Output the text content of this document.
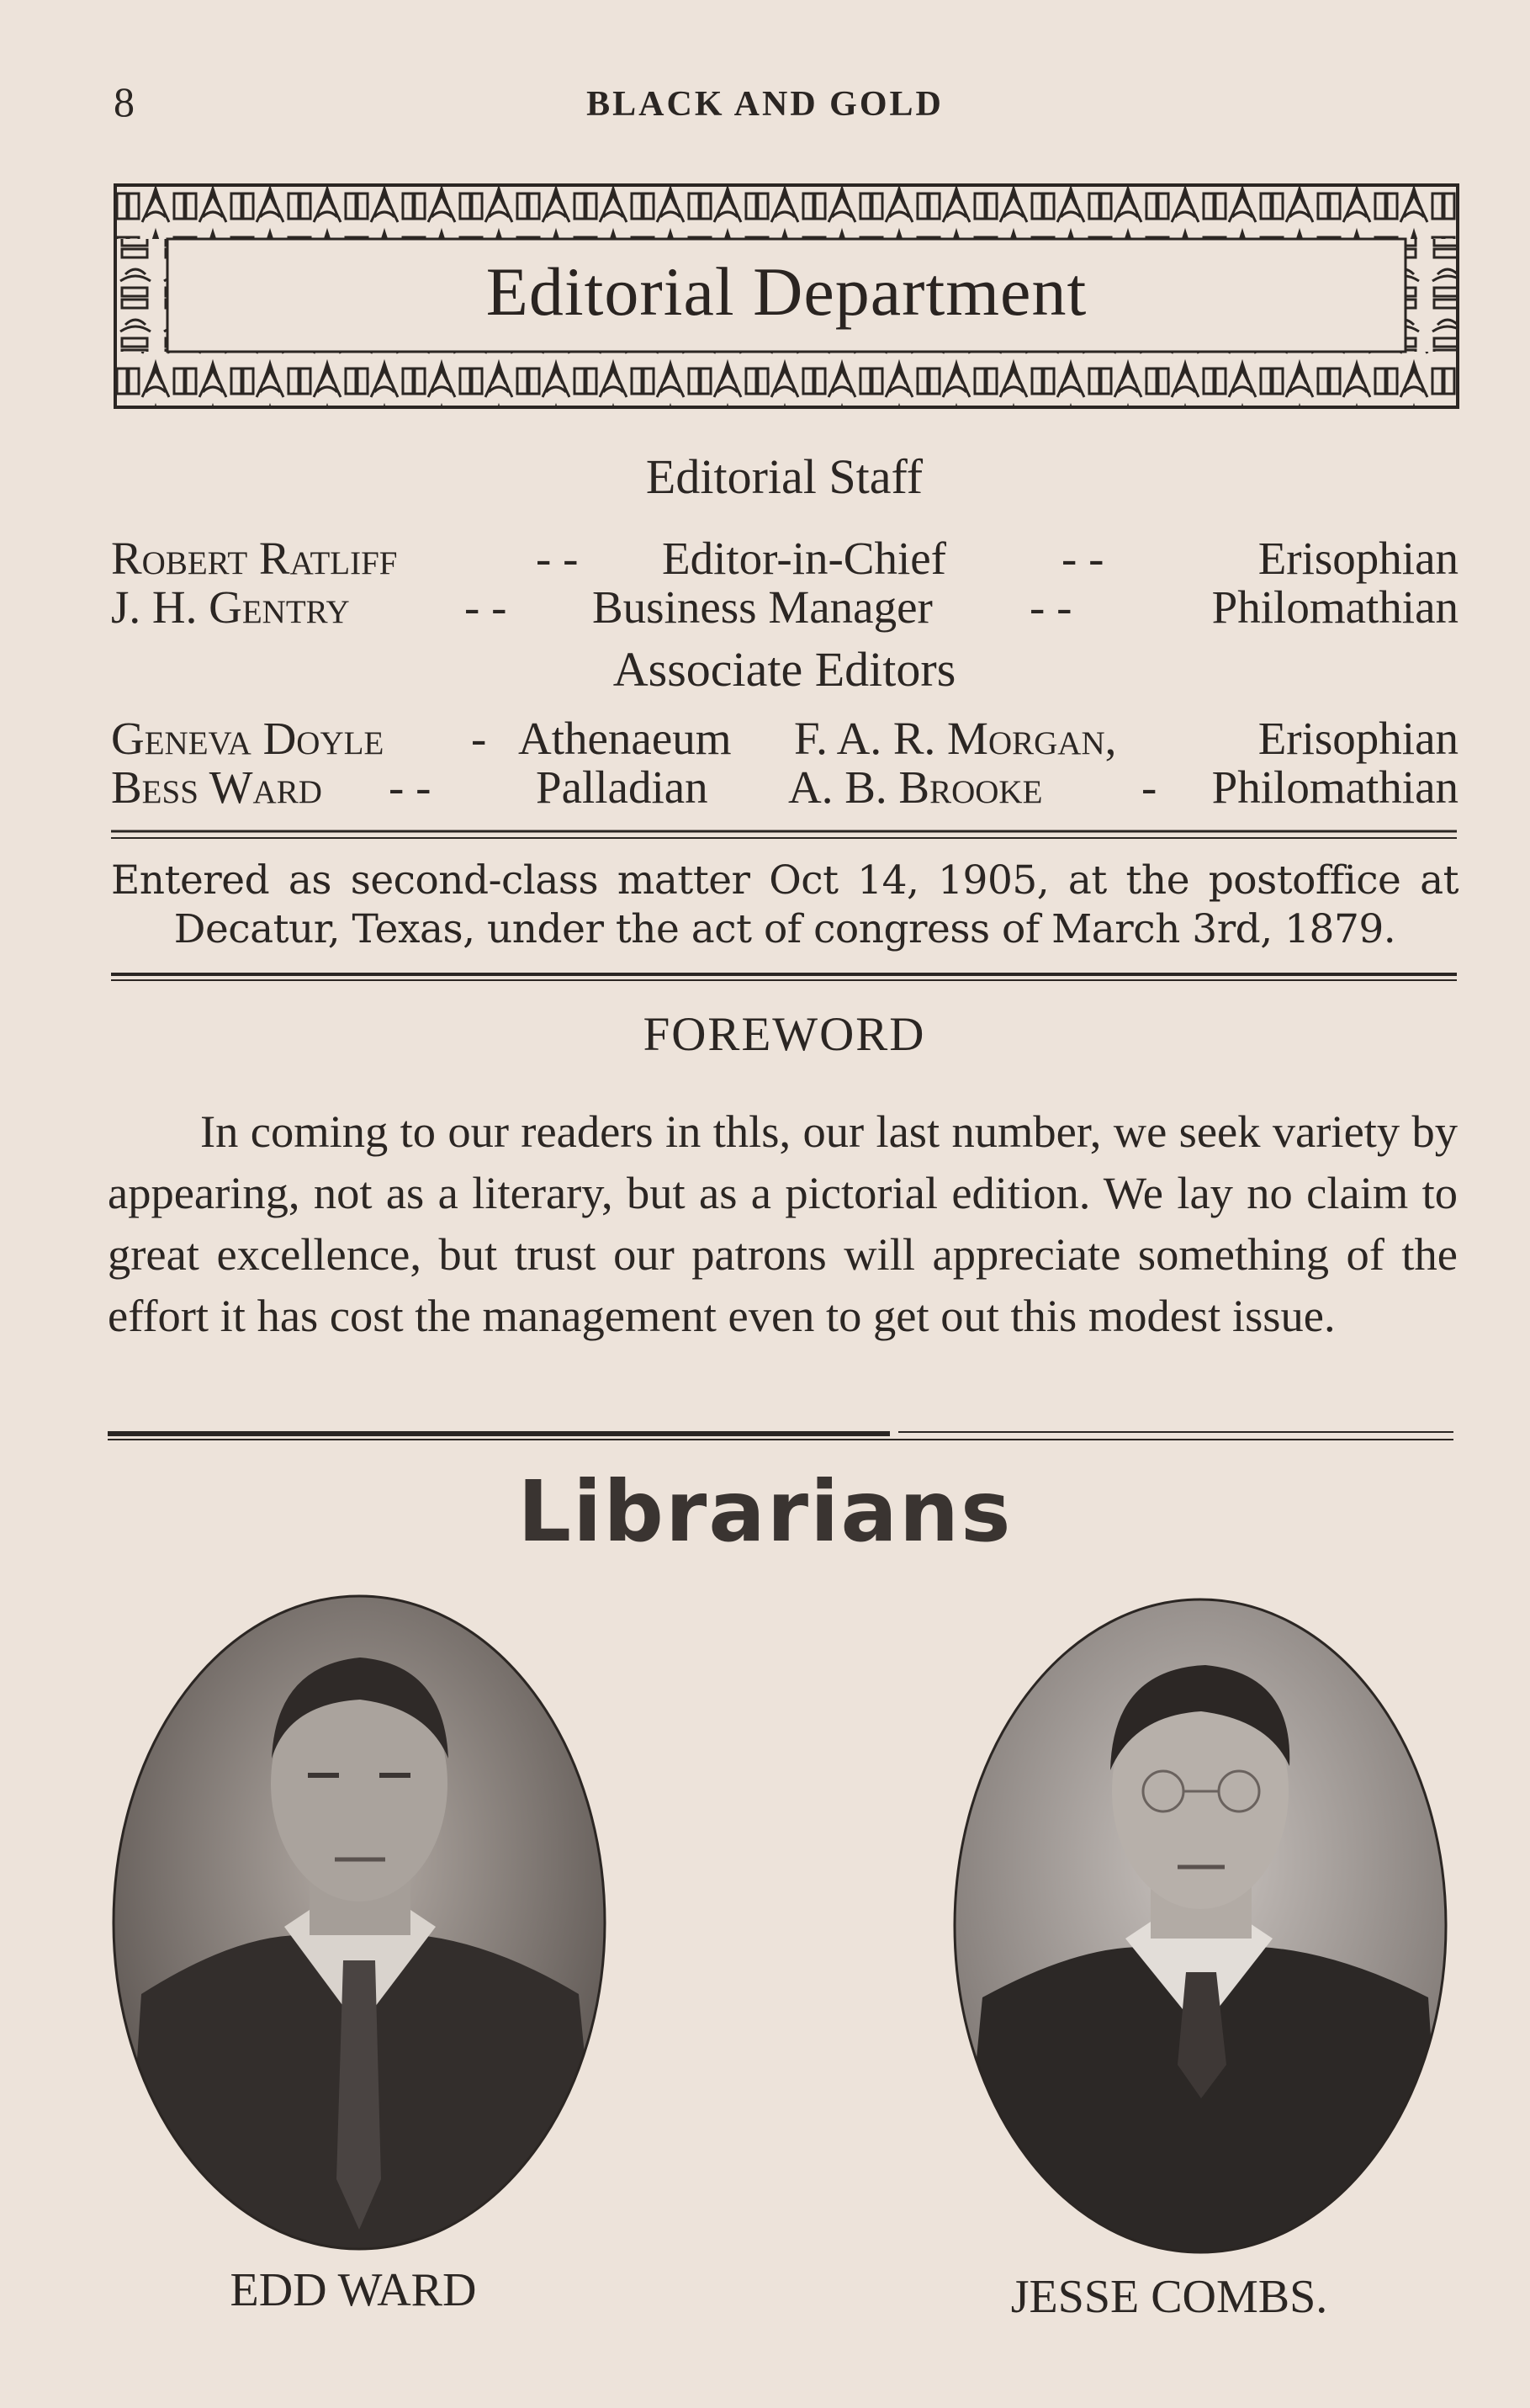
8	BLACK AND GOLD
Editorial Department
Editorial Staff
Robert Ratliff	- - Editor-in-Chief - -	Erisophian
J. H. Gentry - - Business Manager - -	Philomathian
Associate Editors
Geneva Doyle - Athenaeum F. A. R. Morgan,	Erisophian
Bess Ward - - Palladian A. B. Brooke - Philomathian
Entered as second-class matter Oct 14, 1905, at the postoffice at Decatur, Texas, under the act of congress of March 3rd, 1879.
FOREWORD
In coming to our readers in thls, our last number, we seek variety by appearing, not as a literary, but as a pictorial edition. We lay no claim to great excellence, but trust our patrons will appreciate something of the effort it has cost the management even to get out this modest issue.
Librarians
EDD WARD	JESSE COMBS.
